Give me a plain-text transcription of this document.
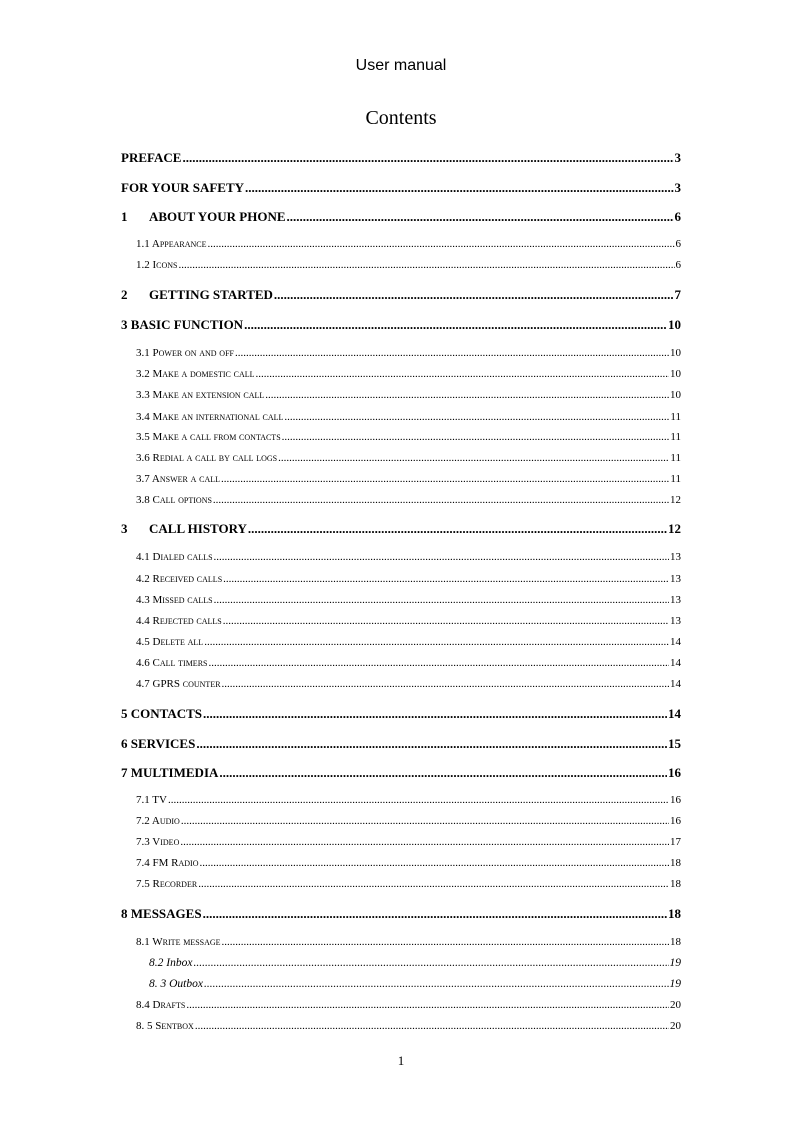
User manual
Contents
PREFACE .....	3
FOR YOUR SAFETY .....	3
1	ABOUT YOUR PHONE .....	6
1.1 Appearance .....	6
1.2 Icons .....	6
2	GETTING STARTED .....	7
3 BASIC FUNCTION .....	10
3.1 Power on and off .....	10
3.2 Make a domestic call .....	10
3.3 Make an extension call .....	10
3.4 Make an international call .....	11
3.5 Make a call from contacts .....	11
3.6 Redial a call by call logs .....	11
3.7 Answer a call .....	11
3.8 Call options .....	12
3	CALL HISTORY .....	12
4.1 Dialed calls .....	13
4.2 Received calls .....	13
4.3 Missed calls .....	13
4.4 Rejected calls .....	13
4.5 Delete all .....	14
4.6 Call timers .....	14
4.7 GPRS counter .....	14
5 CONTACTS .....	14
6 SERVICES .....	15
7 MULTIMEDIA .....	16
7.1 TV .....	16
7.2 Audio .....	16
7.3 Video .....	17
7.4 FM Radio .....	18
7.5 Recorder .....	18
8 MESSAGES .....	18
8.1 Write message .....	18
8.2 Inbox .....	19
8. 3 Outbox .....	19
8.4 Drafts .....	20
8. 5 Sentbox .....	20
1
